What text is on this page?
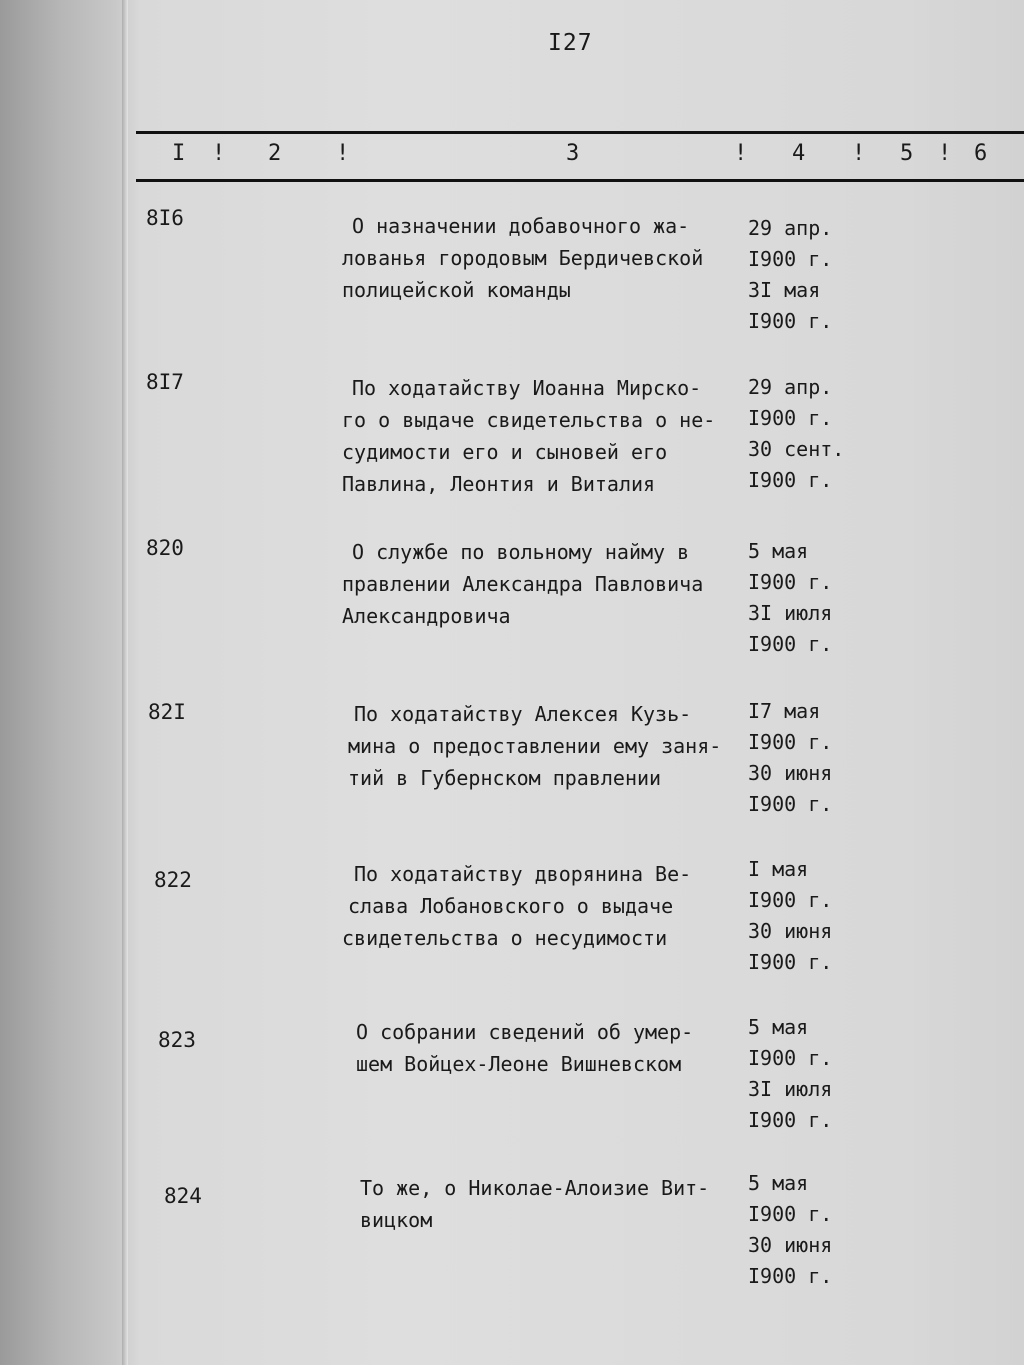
I27
I ! 2 !	3	! 4 ! 5 ! 6
8I6	О назначении добавочного жа-
лованья городовым Бердичевской
полицейской команды
29 апр.
I900 г.
3I мая
I900 г.
8I7	По ходатайству Иоанна Мирско-
го о выдаче свидетельства о не-
судимости его и сыновей его
Павлина, Леонтия и Виталия
29 апр.
I900 г.
30 сент.
I900 г.
820	О службе по вольному найму в
правлении Александра Павловича
Александровича
5 мая
I900 г.
3I июля
I900 г.
82I	По ходатайству Алексея Кузь-
мина о предоставлении ему заня-
тий в Губернском правлении
I7 мая
I900 г.
30 июня
I900 г.
822	По ходатайству дворянина Ве-
слава Лобановского о выдаче
свидетельства о несудимости
I мая
I900 г.
30 июня
I900 г.
823	О собрании сведений об умер-
шем Войцех-Леоне Вишневском
5 мая
I900 г.
3I июля
I900 г.
824	То же, о Николае-Алоизие Вит-
вицком
5 мая
I900 г.
30 июня
I900 г.
